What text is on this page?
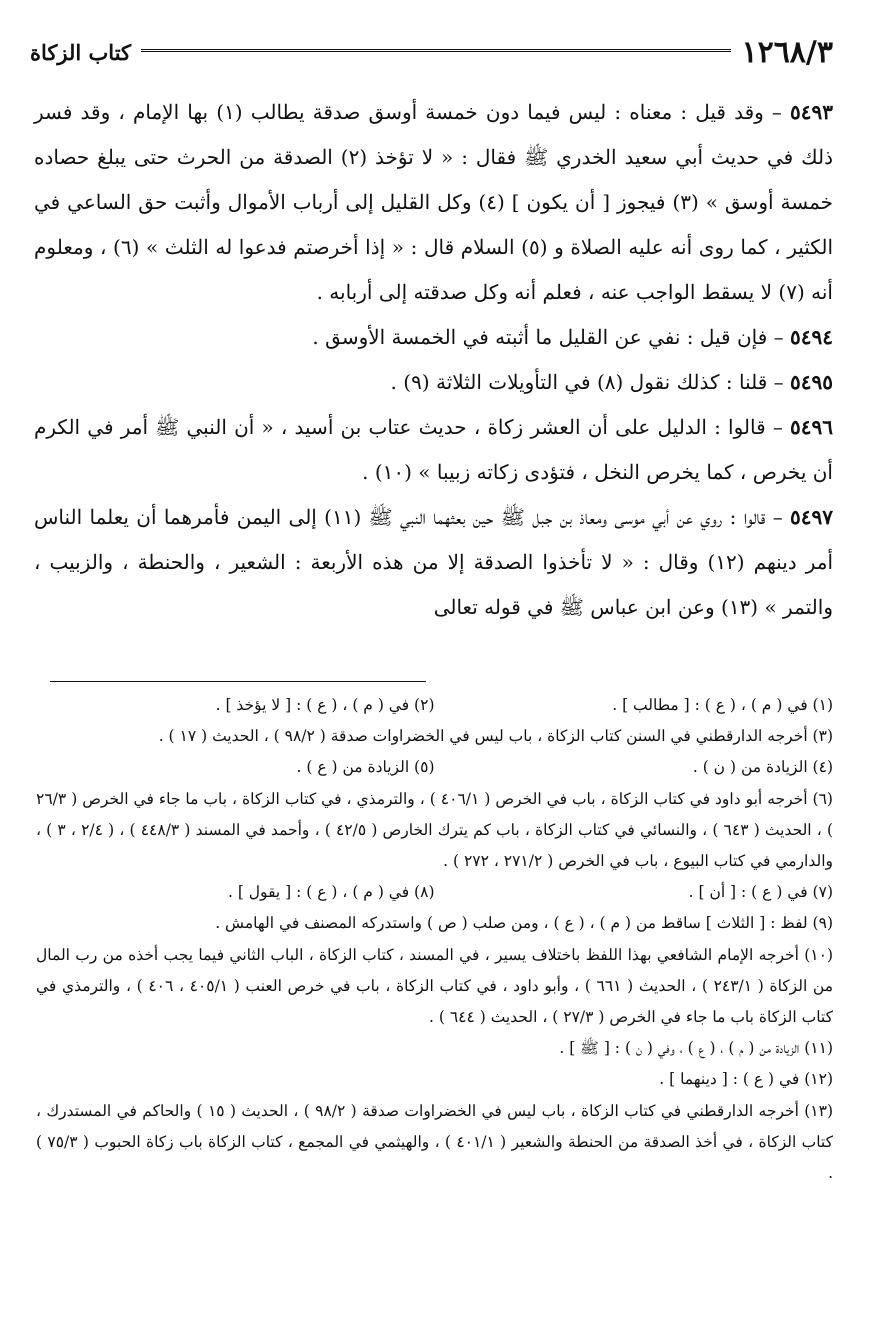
١٢٦٨/٣
كتاب الزكاة

٥٤٩٣ – وقد قيل : معناه : ليس فيما دون خمسة أوسق صدقة يطالب (١) بها الإمام ، وقد فسر ذلك في حديث أبي سعيد الخدري ﷺ فقال : « لا تؤخذ (٢) الصدقة من الحرث حتى يبلغ حصاده خمسة أوسق » (٣) فيجوز [ أن يكون ] (٤) وكل القليل إلى أرباب الأموال وأثبت حق الساعي في الكثير ، كما روى أنه عليه الصلاة و (٥) السلام قال : « إذا أخرصتم فدعوا له الثلث » (٦) ، ومعلوم أنه (٧) لا يسقط الواجب عنه ، فعلم أنه وكل صدقته إلى أربابه .

٥٤٩٤ – فإن قيل : نفي عن القليل ما أثبته في الخمسة الأوسق .

٥٤٩٥ – قلنا : كذلك نقول (٨) في التأويلات الثلاثة (٩) .

٥٤٩٦ – قالوا : الدليل على أن العشر زكاة ، حديث عتاب بن أسيد ، « أن النبي ﷺ أمر في الكرم أن يخرص ، كما يخرص النخل ، فتؤدى زكاته زبيبا » (١٠) .

٥٤٩٧ – قالوا : روي عن أبي موسى ومعاذ بن جبل ﷺ حين بعثهما النبي ﷺ (١١) إلى اليمن فأمرهما أن يعلما الناس أمر دينهم (١٢) وقال : « لا تأخذوا الصدقة إلا من هذه الأربعة : الشعير ، والحنطة ، والزبيب ، والتمر » (١٣) وعن ابن عباس ﷺ في قوله تعالى

(١) في ( م ) ، ( ع ) : [ مطالب ] .
(٢) في ( م ) ، ( ع ) : [ لا يؤخذ ] .

(٣) أخرجه الدارقطني في السنن كتاب الزكاة ، باب ليس في الخضراوات صدقة ( ٩٨/٢ ) ، الحديث ( ١٧ ) .

(٤) الزيادة من ( ن ) .
(٥) الزيادة من ( ع ) .

(٦) أخرجه أبو داود في كتاب الزكاة ، باب في الخرص ( ٤٠٦/١ ) ، والترمذي ، في كتاب الزكاة ، باب ما جاء في الخرص ( ٢٦/٣ ) ، الحديث ( ٦٤٣ ) ، والنسائي في كتاب الزكاة ، باب كم يترك الخارص ( ٤٢/٥ ) ، وأحمد في المسند ( ٤٤٨/٣ ) ، ( ٢/٤ ، ٣ ) ، والدارمي في كتاب البيوع ، باب في الخرص ( ٢٧١/٢ ، ٢٧٢ ) .

(٧) في ( ع ) : [ أن ] .
(٨) في ( م ) ، ( ع ) : [ يقول ] .

(٩) لفظ : [ الثلاث ] ساقط من ( م ) ، ( ع ) ، ومن صلب ( ص ) واستدركه المصنف في الهامش .

(١٠) أخرجه الإمام الشافعي بهذا اللفظ باختلاف يسير ، في المسند ، كتاب الزكاة ، الباب الثاني فيما يجب أخذه من رب المال من الزكاة ( ٢٤٣/١ ) ، الحديث ( ٦٦١ ) ، وأبو داود ، في كتاب الزكاة ، باب في خرص العنب ( ٤٠٥/١ ، ٤٠٦ ) ، والترمذي في كتاب الزكاة باب ما جاء في الخرص ( ٢٧/٣ ) ، الحديث ( ٦٤٤ ) .

(١١) الزيادة من ( م ) ، ( ع ) ، وفي ( ن ) : [ ﷺ ] .

(١٢) في ( ع ) : [ دينهما ] .

(١٣) أخرجه الدارقطني في كتاب الزكاة ، باب ليس في الخضراوات صدقة ( ٩٨/٢ ) ، الحديث ( ١٥ ) والحاكم في المستدرك ، كتاب الزكاة ، في أخذ الصدقة من الحنطة والشعير ( ٤٠١/١ ) ، والهيثمي في المجمع ، كتاب الزكاة باب زكاة الحبوب ( ٧٥/٣ ) .
